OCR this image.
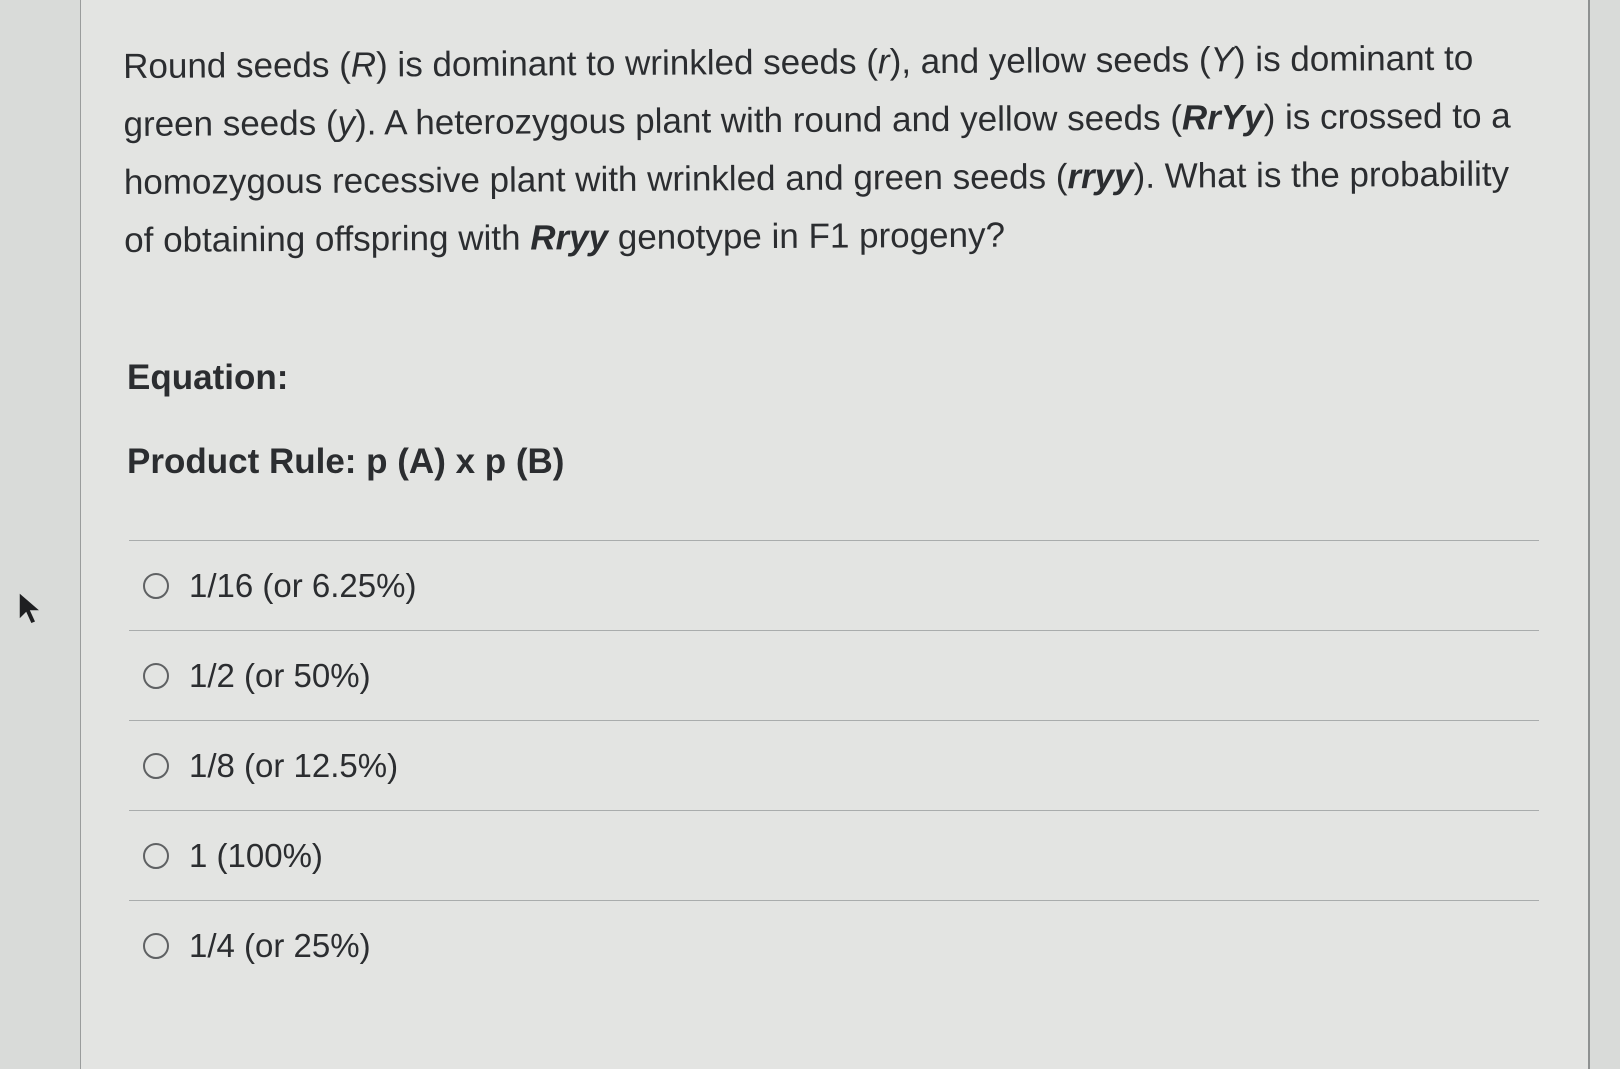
Round seeds (R) is dominant to wrinkled seeds (r), and yellow seeds (Y) is dominant to green seeds (y). A heterozygous plant with round and yellow seeds (RrYy) is crossed to a homozygous recessive plant with wrinkled and green seeds (rryy). What is the probability of obtaining offspring with Rryy genotype in F1 progeny?

Equation:

Product Rule: p (A) x p (B)

1/16 (or 6.25%)
1/2 (or 50%)
1/8 (or 12.5%)
1 (100%)
1/4 (or 25%)
